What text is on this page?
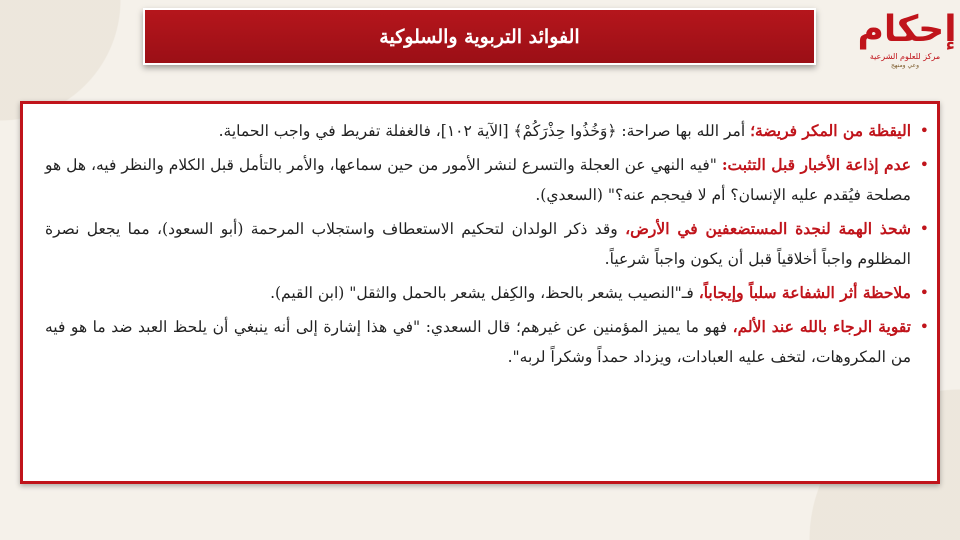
الفوائد التربوية والسلوكية	إحكام
مركز للعلوم الشرعية
وعي ومنهج
•
اليقظة من المكر فريضة؛ أمر الله بها صراحة: ﴿وَخُذُوا حِذْرَكُمْ﴾ [الآية ١٠٢]، فالغفلة تفريط في واجب الحماية.
•
عدم إذاعة الأخبار قبل التثبت: "فيه النهي عن العجلة والتسرع لنشر الأمور من حين سماعها، والأمر بالتأمل قبل الكلام والنظر فيه، هل هو مصلحة فيُقدم عليه الإنسان؟ أم لا فيحجم عنه؟" (السعدي).
•
شحذ الهمة لنجدة المستضعفين في الأرض، وقد ذكر الولدان لتحكيم الاستعطاف واستجلاب المرحمة (أبو السعود)، مما يجعل نصرة المظلوم واجباً أخلاقياً قبل أن يكون واجباً شرعياً.
•
ملاحظة أثر الشفاعة سلباً وإيجاباً، فـ"النصيب يشعر بالحظ، والكِفل يشعر بالحمل والثقل" (ابن القيم).
•
تقوية الرجاء بالله عند الألم، فهو ما يميز المؤمنين عن غيرهم؛ قال السعدي: "في هذا إشارة إلى أنه ينبغي أن يلحظ العبد ضد ما هو فيه من المكروهات، لتخف عليه العبادات، ويزداد حمداً وشكراً لربه".
